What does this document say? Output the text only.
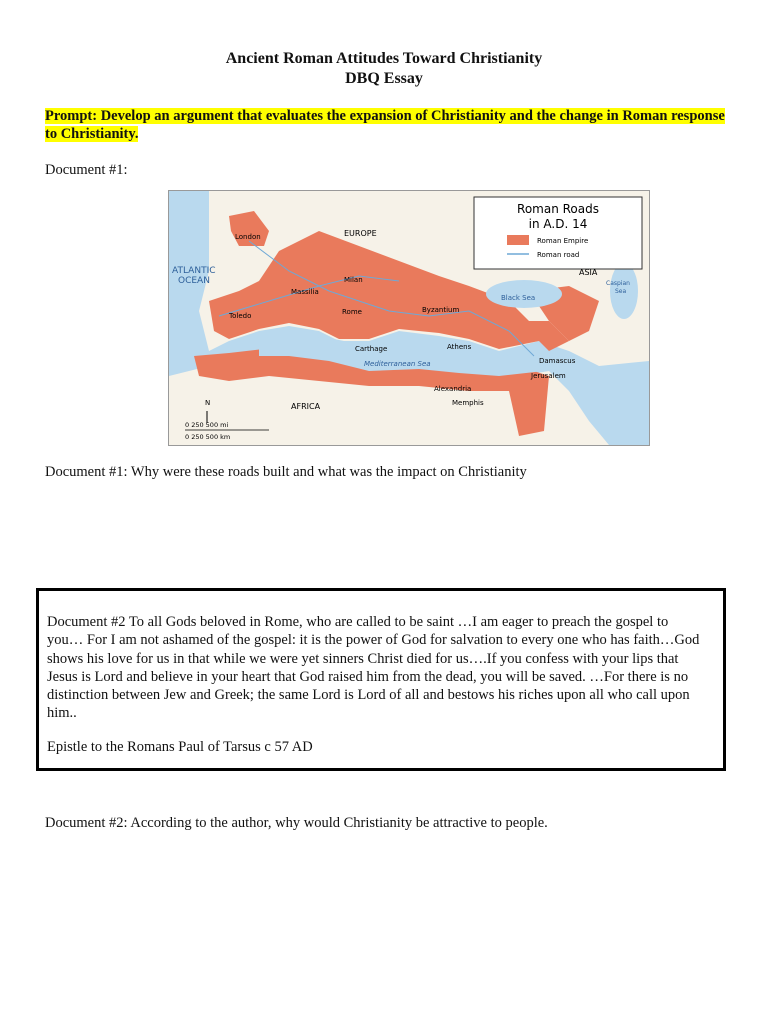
Ancient Roman Attitudes Toward Christianity
DBQ Essay
Prompt: Develop an argument that evaluates the expansion of Christianity and the change in Roman response to Christianity.
Document #1:
Roman Roads
in A.D. 14
Roman Empire
Roman road
London	EUROPE
ATLANTIC
OCEAN
ASIA
Caspian
Sea
Milan
Massilia
Black Sea
Toledo	Rome	Byzantium
Carthage	Athens
Mediterranean Sea	Damascus
Jerusalem
Alexandria
Memphis
AFRICA
N
0 250 500 mi
0 250 500 km
Document #1: Why were these roads built and what was the impact on Christianity
Document #2 To all Gods beloved in Rome, who are called to be saint …I am eager to preach the gospel to you… For I am not ashamed of the gospel: it is the power of God for salvation to every one who has faith…God shows his love for us in that while we were yet sinners Christ died for us….If you confess with your lips that Jesus is Lord and believe in your heart that God raised him from the dead, you will be saved. …For there is no distinction between Jew and Greek; the same Lord is Lord of all and bestows his riches upon all who call upon him..
Epistle to the Romans Paul of Tarsus c 57 AD
Document #2: According to the author, why would Christianity be attractive to people.
